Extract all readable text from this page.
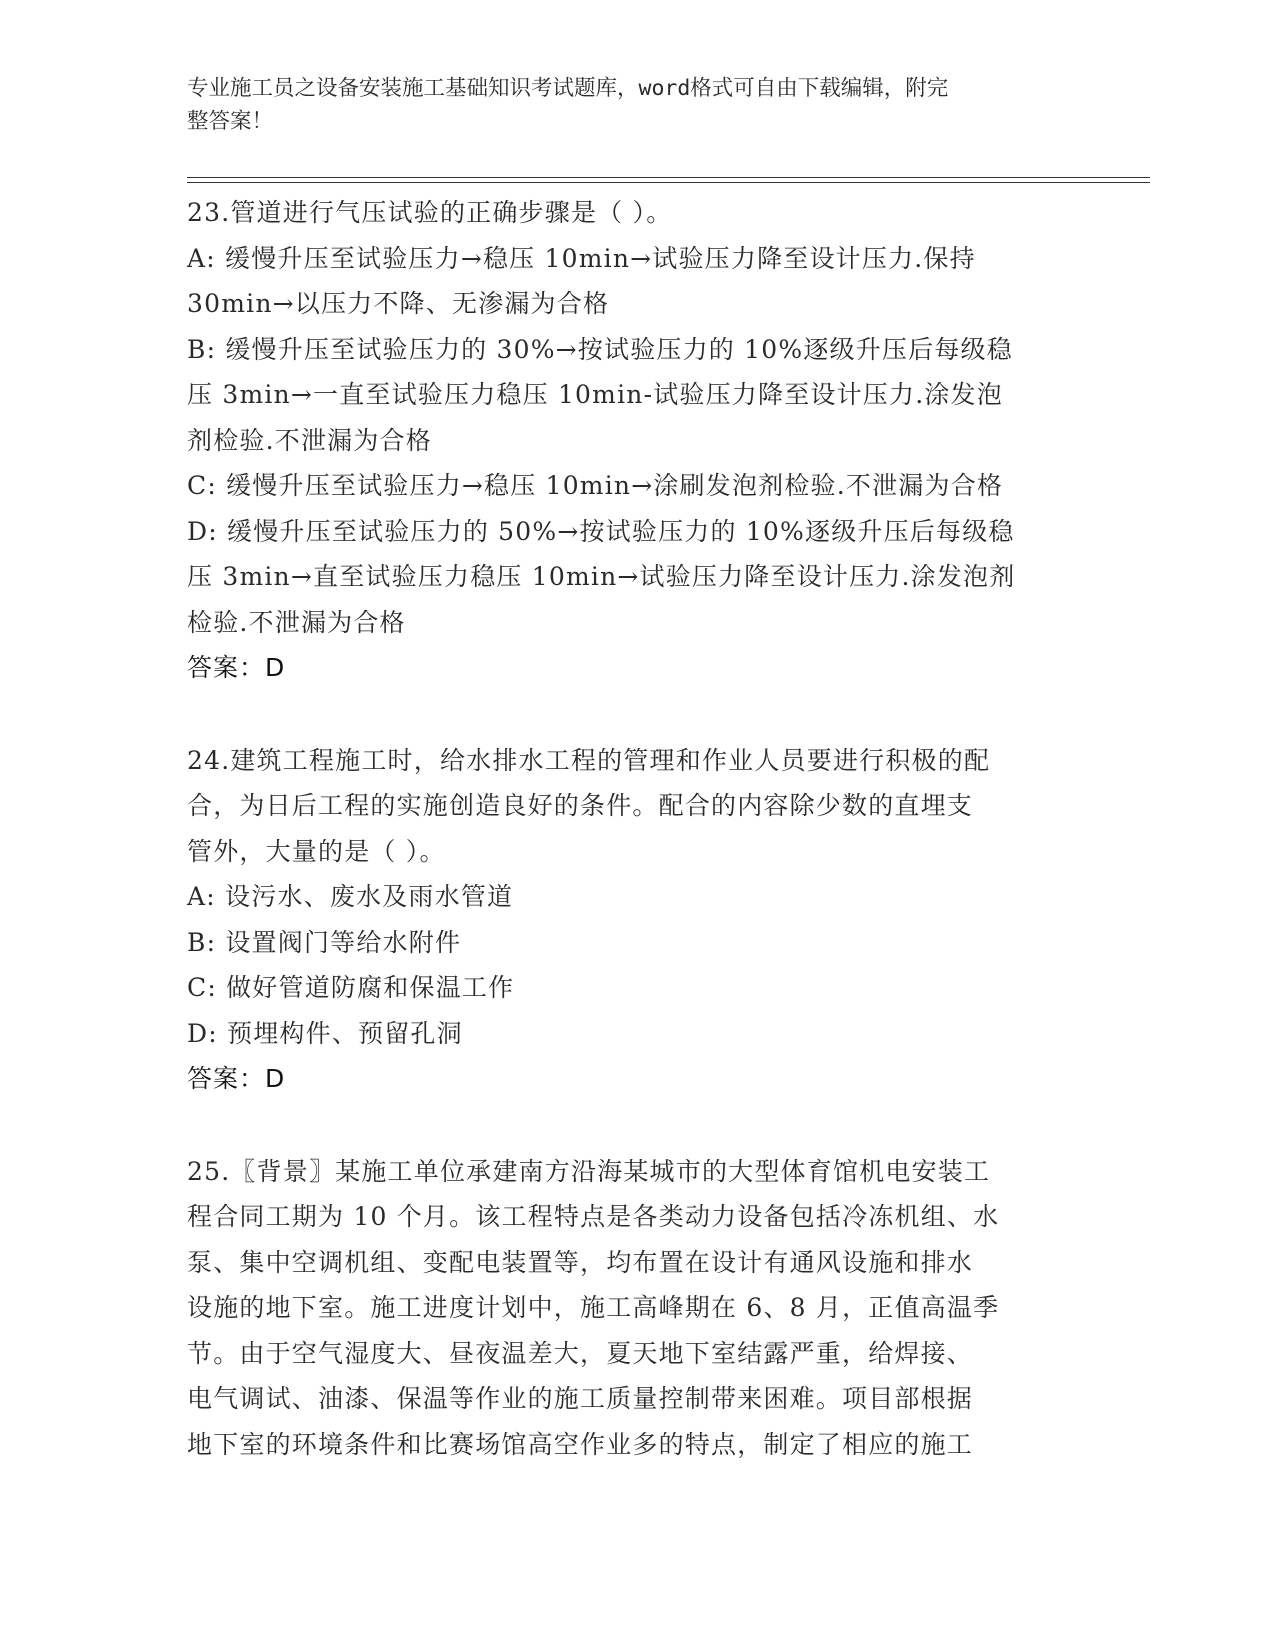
专业施工员之设备安装施工基础知识考试题库，word格式可自由下载编辑，附完
整答案！
23.管道进行气压试验的正确步骤是（ ）。
A: 缓慢升压至试验压力→稳压 10min→试验压力降至设计压力.保持
30min→以压力不降、无渗漏为合格
B: 缓慢升压至试验压力的 30%→按试验压力的 10%逐级升压后每级稳
压 3min→一直至试验压力稳压 10min-试验压力降至设计压力.涂发泡
剂检验.不泄漏为合格
C: 缓慢升压至试验压力→稳压 10min→涂刷发泡剂检验.不泄漏为合格
D: 缓慢升压至试验压力的 50%→按试验压力的 10%逐级升压后每级稳
压 3min→直至试验压力稳压 10min→试验压力降至设计压力.涂发泡剂
检验.不泄漏为合格
答案：D
24.建筑工程施工时，给水排水工程的管理和作业人员要进行积极的配
合，为日后工程的实施创造良好的条件。配合的内容除少数的直埋支
管外，大量的是（ ）。
A: 设污水、废水及雨水管道
B: 设置阀门等给水附件
C: 做好管道防腐和保温工作
D: 预埋构件、预留孔洞
答案：D
25.〖背景〗某施工单位承建南方沿海某城市的大型体育馆机电安装工
程合同工期为 10 个月。该工程特点是各类动力设备包括冷冻机组、水
泵、集中空调机组、变配电装置等，均布置在设计有通风设施和排水
设施的地下室。施工进度计划中，施工高峰期在 6、8 月，正值高温季
节。由于空气湿度大、昼夜温差大，夏天地下室结露严重，给焊接、
电气调试、油漆、保温等作业的施工质量控制带来困难。项目部根据
地下室的环境条件和比赛场馆高空作业多的特点，制定了相应的施工
